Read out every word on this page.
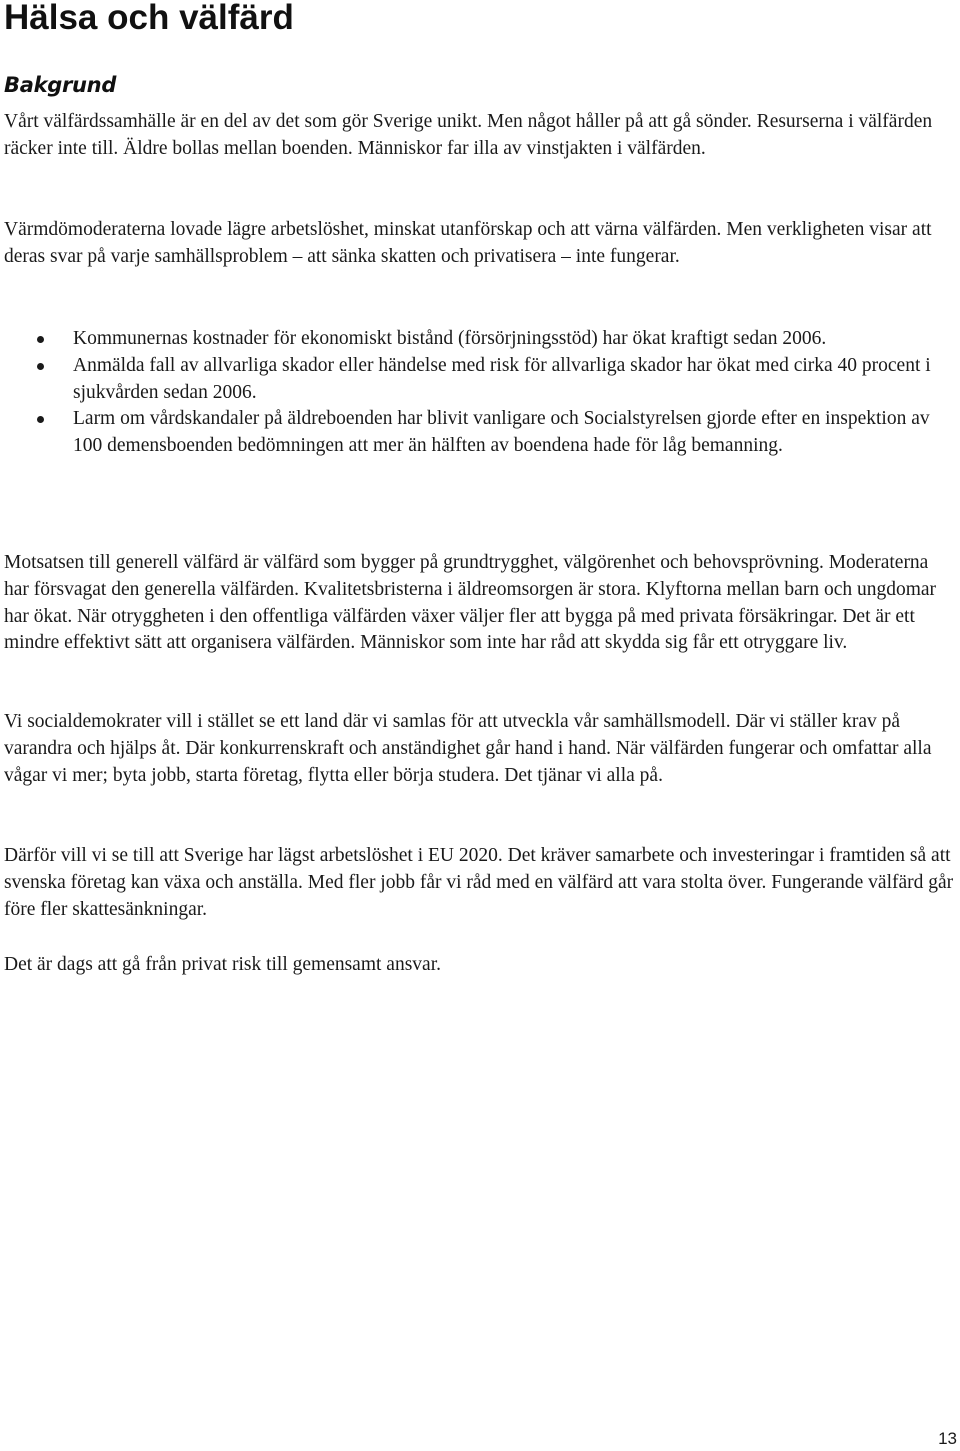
Hälsa och välfärd
Bakgrund

Vårt välfärdssamhälle är en del av det som gör Sverige unikt. Men något håller på att gå sönder. Resurserna i välfärden räcker inte till. Äldre bollas mellan boenden. Människor far illa av vinstjakten i välfärden.

Värmdömoderaterna lovade lägre arbetslöshet, minskat utanförskap och att värna välfärden. Men verkligheten visar att deras svar på varje samhällsproblem – att sänka skatten och privatisera – inte fungerar.

Kommunernas kostnader för ekonomiskt bistånd (försörjningsstöd) har ökat kraftigt sedan 2006.
Anmälda fall av allvarliga skador eller händelse med risk för allvarliga skador har ökat med cirka 40 procent i sjukvården sedan 2006.
Larm om vårdskandaler på äldreboenden har blivit vanligare och Socialstyrelsen gjorde efter en inspektion av 100 demensboenden bedömningen att mer än hälften av boendena hade för låg bemanning.

Motsatsen till generell välfärd är välfärd som bygger på grundtrygghet, välgörenhet och behovsprövning. Moderaterna har försvagat den generella välfärden. Kvalitetsbristerna i äldreomsorgen är stora. Klyftorna mellan barn och ungdomar har ökat. När otryggheten i den offentliga välfärden växer väljer fler att bygga på med privata försäkringar. Det är ett mindre effektivt sätt att organisera välfärden. Människor som inte har råd att skydda sig får ett otryggare liv.

Vi socialdemokrater vill i stället se ett land där vi samlas för att utveckla vår samhällsmodell. Där vi ställer krav på varandra och hjälps åt. Där konkurrenskraft och anständighet går hand i hand. När välfärden fungerar och omfattar alla vågar vi mer; byta jobb, starta företag, flytta eller börja studera. Det tjänar vi alla på.

Därför vill vi se till att Sverige har lägst arbetslöshet i EU 2020. Det kräver samarbete och investeringar i framtiden så att svenska företag kan växa och anställa. Med fler jobb får vi råd med en välfärd att vara stolta över. Fungerande välfärd går före fler skattesänkningar.

Det är dags att gå från privat risk till gemensamt ansvar.

13
